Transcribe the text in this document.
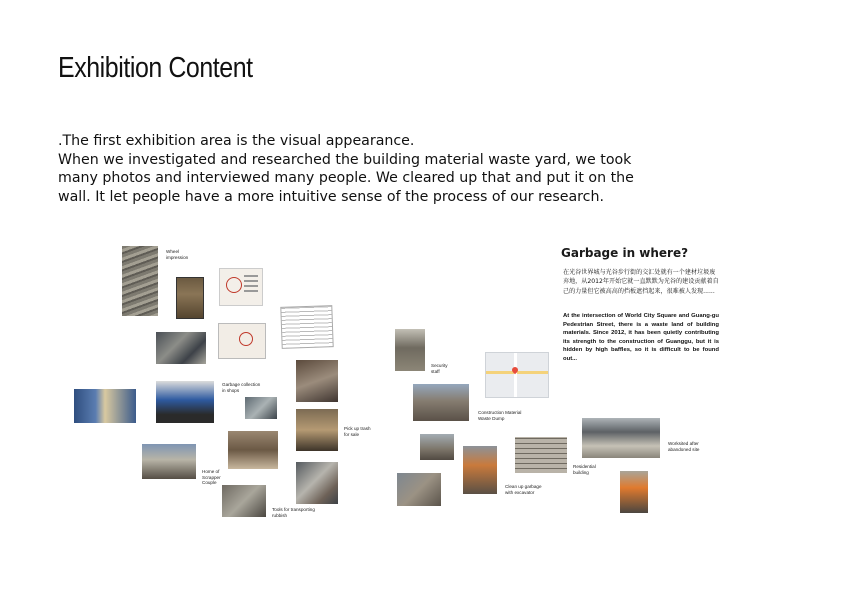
Exhibition Content
.The first exhibition area is the visual appearance.
When we investigated and researched the building material waste yard, we took
many photos and interviewed many people. We cleared up that and put it on the
wall. It let people have a more intuitive sense of the process of our research.
Wheel impression
Garbage collection in shops
Pick up trash for sale
Home of Scrapper Couple
Tools for transporting rubbish
Garbage in where?
在光谷世界城与光谷步行街的交汇处就有一个建材垃圾废弃地，从2012年开始它就一直默默为光谷的建设贡献着自己的力量但它被高高的挡板遮挡起来，很难被人发现......
At the intersection of World City Square and Guang-gu Pedestrian Street, there is a waste land of building materials. Since 2012, it has been quietly contributing its strength to the construction of Guanggu, but it is hidden by high baffles, so it is difficult to be found out...
Security staff
Construction Material Waste Dump
Clean up garbage with excavator
Residential building
Worksited after abandoned site
